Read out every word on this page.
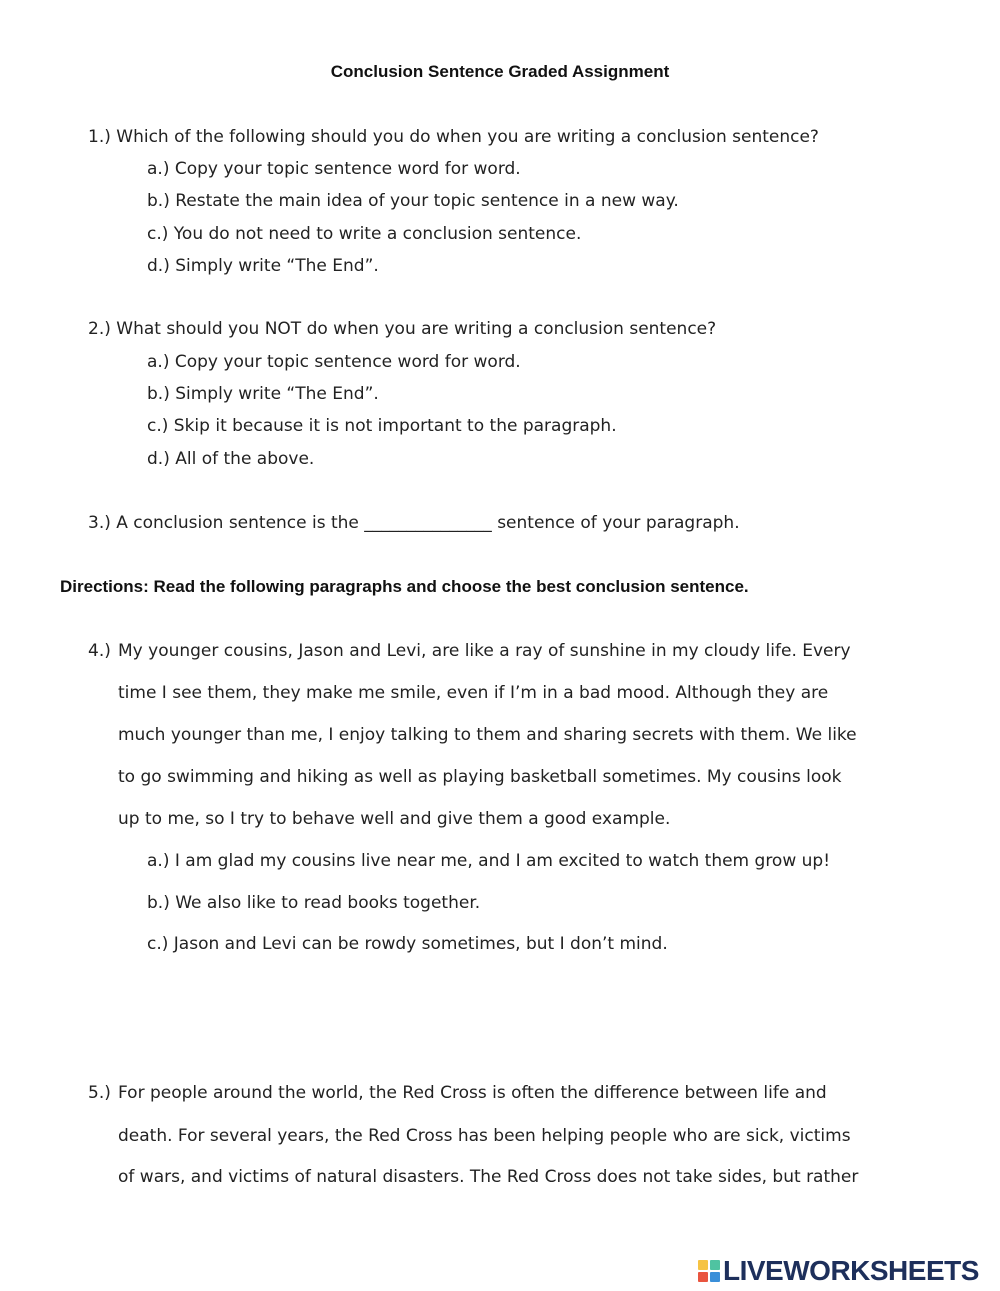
Conclusion Sentence Graded Assignment
1.) Which of the following should you do when you are writing a conclusion sentence?
a.) Copy your topic sentence word for word.
b.) Restate the main idea of your topic sentence in a new way.
c.) You do not need to write a conclusion sentence.
d.) Simply write “The End”.
2.) What should you NOT do when you are writing a conclusion sentence?
a.) Copy your topic sentence word for word.
b.) Simply write “The End”.
c.) Skip it because it is not important to the paragraph.
d.) All of the above.
3.) A conclusion sentence is the _______________ sentence of your paragraph.
Directions: Read the following paragraphs and choose the best conclusion sentence.
4.) My younger cousins, Jason and Levi, are like a ray of sunshine in my cloudy life. Every
time I see them, they make me smile, even if I’m in a bad mood. Although they are
much younger than me, I enjoy talking to them and sharing secrets with them. We like
to go swimming and hiking as well as playing basketball sometimes. My cousins look
up to me, so I try to behave well and give them a good example.
a.) I am glad my cousins live near me, and I am excited to watch them grow up!
b.) We also like to read books together.
c.) Jason and Levi can be rowdy sometimes, but I don’t mind.
5.) For people around the world, the Red Cross is often the difference between life and
death. For several years, the Red Cross has been helping people who are sick, victims
of wars, and victims of natural disasters. The Red Cross does not take sides, but rather
LIVEWORKSHEETS
